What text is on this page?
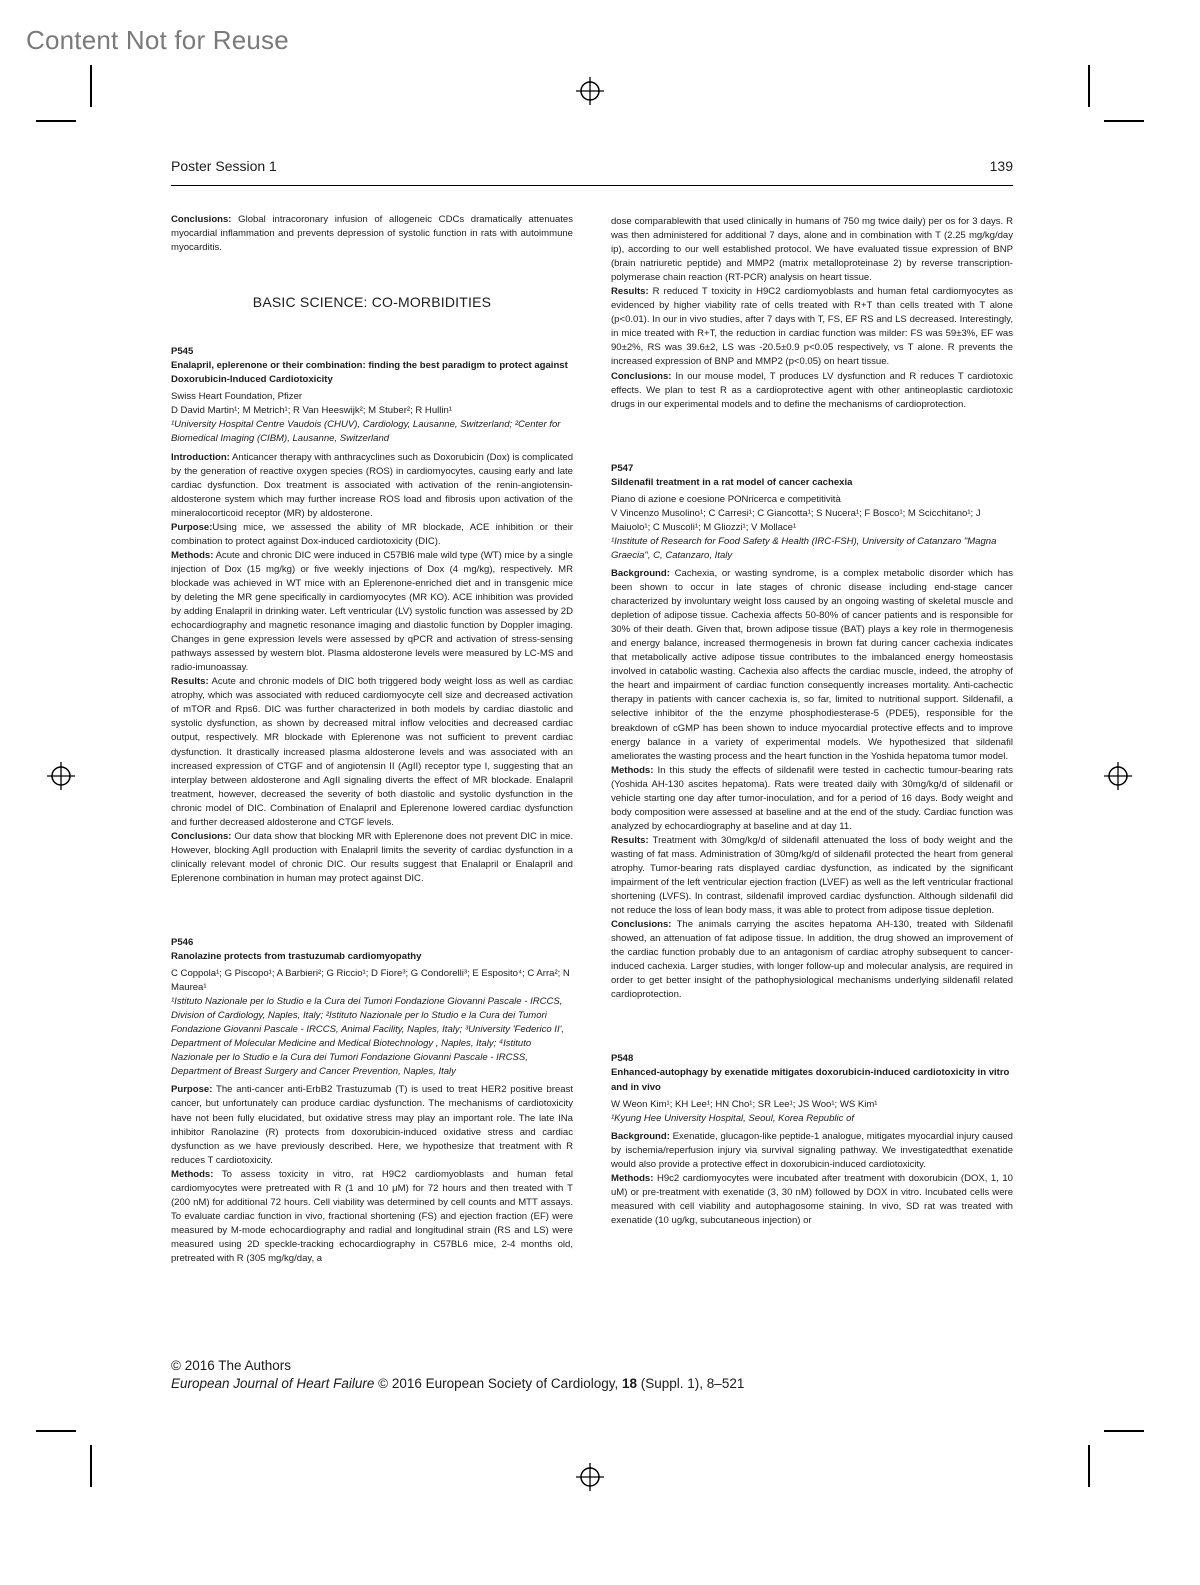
Content Not for Reuse
Poster Session 1	139

Conclusions: Global intracoronary infusion of allogeneic CDCs dramatically attenuates myocardial inflammation and prevents depression of systolic function in rats with autoimmune myocarditis.

BASIC SCIENCE: CO-MORBIDITIES
P545
Enalapril, eplerenone or their combination: finding the best paradigm to protect against Doxorubicin-Induced Cardiotoxicity
Swiss Heart Foundation, Pfizer
D David Martin¹; M Metrich¹; R Van Heeswijk²; M Stuber²; R Hullin¹
¹University Hospital Centre Vaudois (CHUV), Cardiology, Lausanne, Switzerland; ²Center for Biomedical Imaging (CIBM), Lausanne, Switzerland

Introduction: Anticancer therapy with anthracyclines such as Doxorubicin (Dox) is complicated by the generation of reactive oxygen species (ROS) in cardiomyocytes, causing early and late cardiac dysfunction. Dox treatment is associated with activation of the renin-angiotensin-aldosterone system which may further increase ROS load and fibrosis upon activation of the mineralocorticoid receptor (MR) by aldosterone.

Purpose:Using mice, we assessed the ability of MR blockade, ACE inhibition or their combination to protect against Dox-induced cardiotoxicity (DIC).

Methods: Acute and chronic DIC were induced in C57Bl6 male wild type (WT) mice by a single injection of Dox (15 mg/kg) or five weekly injections of Dox (4 mg/kg), respectively. MR blockade was achieved in WT mice with an Eplerenone-enriched diet and in transgenic mice by deleting the MR gene specifically in cardiomyocytes (MR KO). ACE inhibition was provided by adding Enalapril in drinking water. Left ventricular (LV) systolic function was assessed by 2D echocardiography and magnetic resonance imaging and diastolic function by Doppler imaging. Changes in gene expression levels were assessed by qPCR and activation of stress-sensing pathways assessed by western blot. Plasma aldosterone levels were measured by LC-MS and radio-imunoassay.

Results: Acute and chronic models of DIC both triggered body weight loss as well as cardiac atrophy, which was associated with reduced cardiomyocyte cell size and decreased activation of mTOR and Rps6. DIC was further characterized in both models by cardiac diastolic and systolic dysfunction, as shown by decreased mitral inflow velocities and decreased cardiac output, respectively. MR blockade with Eplerenone was not sufficient to prevent cardiac dysfunction. It drastically increased plasma aldosterone levels and was associated with an increased expression of CTGF and of angiotensin II (AgII) receptor type I, suggesting that an interplay between aldosterone and AgII signaling diverts the effect of MR blockade. Enalapril treatment, however, decreased the severity of both diastolic and systolic dysfunction in the chronic model of DIC. Combination of Enalapril and Eplerenone lowered cardiac dysfunction and further decreased aldosterone and CTGF levels.

Conclusions: Our data show that blocking MR with Eplerenone does not prevent DIC in mice. However, blocking AgII production with Enalapril limits the severity of cardiac dysfunction in a clinically relevant model of chronic DIC. Our results suggest that Enalapril or Enalapril and Eplerenone combination in human may protect against DIC.

P546
Ranolazine protects from trastuzumab cardiomyopathy
C Coppola¹; G Piscopo¹; A Barbieri²; G Riccio¹; D Fiore³; G Condorelli³; E Esposito⁴; C Arra²; N Maurea¹
¹Istituto Nazionale per lo Studio e la Cura dei Tumori Fondazione Giovanni Pascale - IRCCS, Division of Cardiology, Naples, Italy; ²Istituto Nazionale per lo Studio e la Cura dei Tumori Fondazione Giovanni Pascale - IRCCS, Animal Facility, Naples, Italy; ³University 'Federico II', Department of Molecular Medicine and Medical Biotechnology , Naples, Italy; ⁴Istituto Nazionale per lo Studio e la Cura dei Tumori Fondazione Giovanni Pascale - IRCSS, Department of Breast Surgery and Cancer Prevention, Naples, Italy

Purpose: The anti-cancer anti-ErbB2 Trastuzumab (T) is used to treat HER2 positive breast cancer, but unfortunately can produce cardiac dysfunction. The mechanisms of cardiotoxicity have not been fully elucidated, but oxidative stress may play an important role. The late INa inhibitor Ranolazine (R) protects from doxorubicin-induced oxidative stress and cardiac dysfunction as we have previously described. Here, we hypothesize that treatment with R reduces T cardiotoxicity.

Methods: To assess toxicity in vitro, rat H9C2 cardiomyoblasts and human fetal cardiomyocytes were pretreated with R (1 and 10 μM) for 72 hours and then treated with T (200 nM) for additional 72 hours. Cell viability was determined by cell counts and MTT assays. To evaluate cardiac function in vivo, fractional shortening (FS) and ejection fraction (EF) were measured by M-mode echocardiography and radial and longitudinal strain (RS and LS) were measured using 2D speckle-tracking echocardiography in C57BL6 mice, 2-4 months old, pretreated with R (305 mg/kg/day, a

dose comparablewith that used clinically in humans of 750 mg twice daily) per os for 3 days. R was then administered for additional 7 days, alone and in combination with T (2.25 mg/kg/day ip), according to our well established protocol. We have evaluated tissue expression of BNP (brain natriuretic peptide) and MMP2 (matrix metalloproteinase 2) by reverse transcription-polymerase chain reaction (RT-PCR) analysis on heart tissue.

Results: R reduced T toxicity in H9C2 cardiomyoblasts and human fetal cardiomyocytes as evidenced by higher viability rate of cells treated with R+T than cells treated with T alone (p<0.01). In our in vivo studies, after 7 days with T, FS, EF RS and LS decreased. Interestingly, in mice treated with R+T, the reduction in cardiac function was milder: FS was 59±3%, EF was 90±2%, RS was 39.6±2, LS was -20.5±0.9 p<0.05 respectively, vs T alone. R prevents the increased expression of BNP and MMP2 (p<0.05) on heart tissue.

Conclusions: In our mouse model, T produces LV dysfunction and R reduces T cardiotoxic effects. We plan to test R as a cardioprotective agent with other antineoplastic cardiotoxic drugs in our experimental models and to define the mechanisms of cardioprotection.

P547
Sildenafil treatment in a rat model of cancer cachexia
Piano di azione e coesione PONricerca e competitività
V Vincenzo Musolino¹; C Carresi¹; C Giancotta¹; S Nucera¹; F Bosco¹; M Scicchitano¹; J Maiuolo¹; C Muscoli¹; M Gliozzi¹; V Mollace¹
¹Institute of Research for Food Safety & Health (IRC-FSH), University of Catanzaro "Magna Graecia", C, Catanzaro, Italy

Background: Cachexia, or wasting syndrome, is a complex metabolic disorder which has been shown to occur in late stages of chronic disease including end-stage cancer characterized by involuntary weight loss caused by an ongoing wasting of skeletal muscle and depletion of adipose tissue. Cachexia affects 50-80% of cancer patients and is responsible for 30% of their death. Given that, brown adipose tissue (BAT) plays a key role in thermogenesis and energy balance, increased thermogenesis in brown fat during cancer cachexia indicates that metabolically active adipose tissue contributes to the imbalanced energy homeostasis involved in catabolic wasting. Cachexia also affects the cardiac muscle, indeed, the atrophy of the heart and impairment of cardiac function consequently increases mortality. Anti-cachectic therapy in patients with cancer cachexia is, so far, limited to nutritional support. Sildenafil, a selective inhibitor of the the enzyme phosphodiesterase-5 (PDE5), responsible for the breakdown of cGMP has been shown to induce myocardial protective effects and to improve energy balance in a variety of experimental models. We hypothesized that sildenafil ameliorates the wasting process and the heart function in the Yoshida hepatoma tumor model.

Methods: In this study the effects of sildenafil were tested in cachectic tumour-bearing rats (Yoshida AH-130 ascites hepatoma). Rats were treated daily with 30mg/kg/d of sildenafil or vehicle starting one day after tumor-inoculation, and for a period of 16 days. Body weight and body composition were assessed at baseline and at the end of the study. Cardiac function was analyzed by echocardiography at baseline and at day 11.

Results: Treatment with 30mg/kg/d of sildenafil attenuated the loss of body weight and the wasting of fat mass. Administration of 30mg/kg/d of sildenafil protected the heart from general atrophy. Tumor-bearing rats displayed cardiac dysfunction, as indicated by the significant impairment of the left ventricular ejection fraction (LVEF) as well as the left ventricular fractional shortening (LVFS). In contrast, sildenafil improved cardiac dysfunction. Although sildenafil did not reduce the loss of lean body mass, it was able to protect from adipose tissue depletion.

Conclusions: The animals carrying the ascites hepatoma AH-130, treated with Sildenafil showed, an attenuation of fat adipose tissue. In addition, the drug showed an improvement of the cardiac function probably due to an antagonism of cardiac atrophy subsequent to cancer-induced cachexia. Larger studies, with longer follow-up and molecular analysis, are required in order to get better insight of the pathophysiological mechanisms underlying sildenafil related cardioprotection.

P548
Enhanced-autophagy by exenatide mitigates doxorubicin-induced cardiotoxicity in vitro and in vivo
W Weon Kim¹; KH Lee¹; HN Cho¹; SR Lee¹; JS Woo¹; WS Kim¹
¹Kyung Hee University Hospital, Seoul, Korea Republic of

Background: Exenatide, glucagon-like peptide-1 analogue, mitigates myocardial injury caused by ischemia/reperfusion injury via survival signaling pathway. We investigatedthat exenatide would also provide a protective effect in doxorubicin-induced cardiotoxicity.

Methods: H9c2 cardiomyocytes were incubated after treatment with doxorubicin (DOX, 1, 10 uM) or pre-treatment with exenatide (3, 30 nM) followed by DOX in vitro. Incubated cells were measured with cell viability and autophagosome staining. In vivo, SD rat was treated with exenatide (10 ug/kg, subcutaneous injection) or

© 2016 The Authors
European Journal of Heart Failure © 2016 European Society of Cardiology, 18 (Suppl. 1), 8–521
